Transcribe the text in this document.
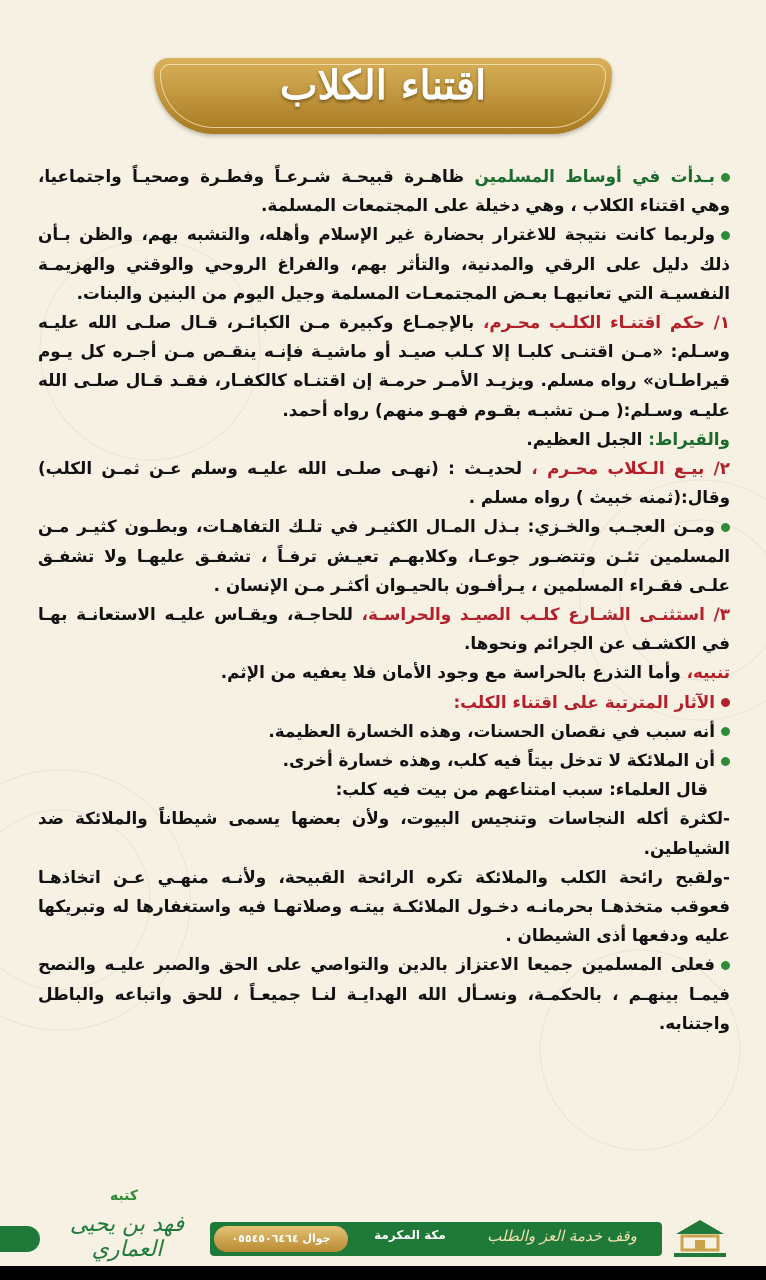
اقتناء الكلاب

بـدأت في أوساط المسلمين ظاهـرة قبيحـة شـرعـاً وفطـرة وصحيـاً واجتماعيا، وهي اقتناء الكلاب ، وهي دخيلة على المجتمعات المسلمة.

ولربما كانت نتيجة للاغترار بحضارة غير الإسلام وأهله، والتشبه بهم، والظن بـأن ذلك دليل على الرقي والمدنية، والتأثر بهم، والفراغ الروحي والوقتي والهزيمـة النفسيـة التي تعانيهـا بعـض المجتمعـات المسلمة وجيل اليوم من البنين والبنات.

١/ حكم اقتنـاء الكلـب محـرم، بالإجمـاع وكبيرة مـن الكبائـر، قـال صلـى الله عليـه وسـلم: «مـن اقتنـى كلبـا إلا كـلب صيـد أو ماشيـة فإنـه ينقـص مـن أجـره كل يـوم قيراطـان» رواه مسلم. ويزيـد الأمـر حرمـة إن اقتنـاه كالكفـار، فقـد قـال صلـى الله عليـه وسـلم:( مـن تشبـه بقـوم فهـو منهم) رواه أحمد.

والقيراط: الجبل العظيم.

٢/ بيـع الـكلاب محـرم ، لحديـث : (نهـى صلـى الله عليـه وسلم عـن ثمـن الكلب) وقال:(ثمنه خبيث ) رواه مسلم .

ومـن العجـب والخـزي: بـذل المـال الكثيـر في تلـك التفاهـات، وبطـون كثيـر مـن المسلمين تئـن وتتضـور جوعـا، وكلابهـم تعيـش ترفـاً ، تشفـق عليهـا ولا تشفـق علـى فقـراء المسلمين ، يـرأفـون بالحيـوان أكثـر مـن الإنسان .

٣/ استثنـى الشـارع كلـب الصيـد والحراسـة، للحاجـة، ويقـاس عليـه الاستعانـة بهـا في الكشـف عن الجرائم ونحوها.

تنبيه، وأما التذرع بالحراسة مع وجود الأمان فلا يعفيه من الإثم.

الآثار المترتبة على اقتناء الكلب:

أنه سبب في نقصان الحسنات، وهذه الخسارة العظيمة.

أن الملائكة لا تدخل بيتاً فيه كلب، وهذه خسارة أخرى.

قال العلماء: سبب امتناعهم من بيت فيه كلب:

-لكثرة أكله النجاسات وتنجيس البيوت، ولأن بعضها يسمى شيطاناً والملائكة ضد الشياطين.

-ولقبح رائحة الكلب والملائكة تكره الرائحة القبيحة، ولأنـه منهـي عـن اتخاذهـا فعوقب متخذهـا بحرمانـه دخـول الملائكـة بيتـه وصلاتهـا فيه واستغفارها له وتبريكها عليه ودفعها أذى الشيطان .

فعلى المسلمين جميعا الاعتزاز بالدين والتواصي على الحق والصبر عليـه والنصح فيمـا بينهـم ، بالحكمـة، ونسـأل الله الهدايـة لنـا جميعـاً ، للحق واتباعه والباطل واجتنابه.

كتبه
فهد بن يحيى العماري	جوال ٠٥٥٤٥٠٦٤٦٤	مكة المكرمة	وقف خدمة العز والطلب
